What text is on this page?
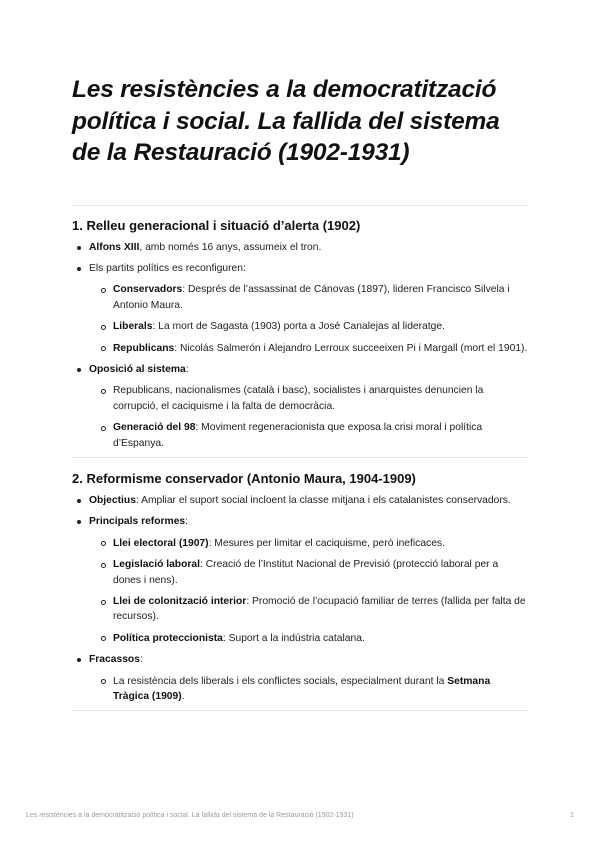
Les resistències a la democratització política i social. La fallida del sistema de la Restauració (1902-1931)
1. Relleu generacional i situació d’alerta (1902)
Alfons XIII, amb només 16 anys, assumeix el tron.
Els partits polítics es reconfiguren:
Conservadors: Després de l’assassinat de Cánovas (1897), lideren Francisco Silvela i Antonio Maura.
Liberals: La mort de Sagasta (1903) porta a José Canalejas al lideratge.
Republicans: Nicolás Salmerón i Alejandro Lerroux succeeixen Pi i Margall (mort el 1901).
Oposició al sistema:
Republicans, nacionalismes (català i basc), socialistes i anarquistes denuncien la corrupció, el caciquisme i la falta de democràcia.
Generació del 98: Moviment regeneracionista que exposa la crisi moral i política d’Espanya.
2. Reformisme conservador (Antonio Maura, 1904-1909)
Objectius: Ampliar el suport social incloent la classe mitjana i els catalanistes conservadors.
Principals reformes:
Llei electoral (1907): Mesures per limitar el caciquisme, però ineficaces.
Legislació laboral: Creació de l’Institut Nacional de Previsió (protecció laboral per a dones i nens).
Llei de colonització interior: Promoció de l’ocupació familiar de terres (fallida per falta de recursos).
Política proteccionista: Suport a la indústria catalana.
Fracassos:
La resistència dels liberals i els conflictes socials, especialment durant la Setmana Tràgica (1909).
Les resistències a la democratització política i social. La fallida del sistema de la Restauració (1902-1931)	1
